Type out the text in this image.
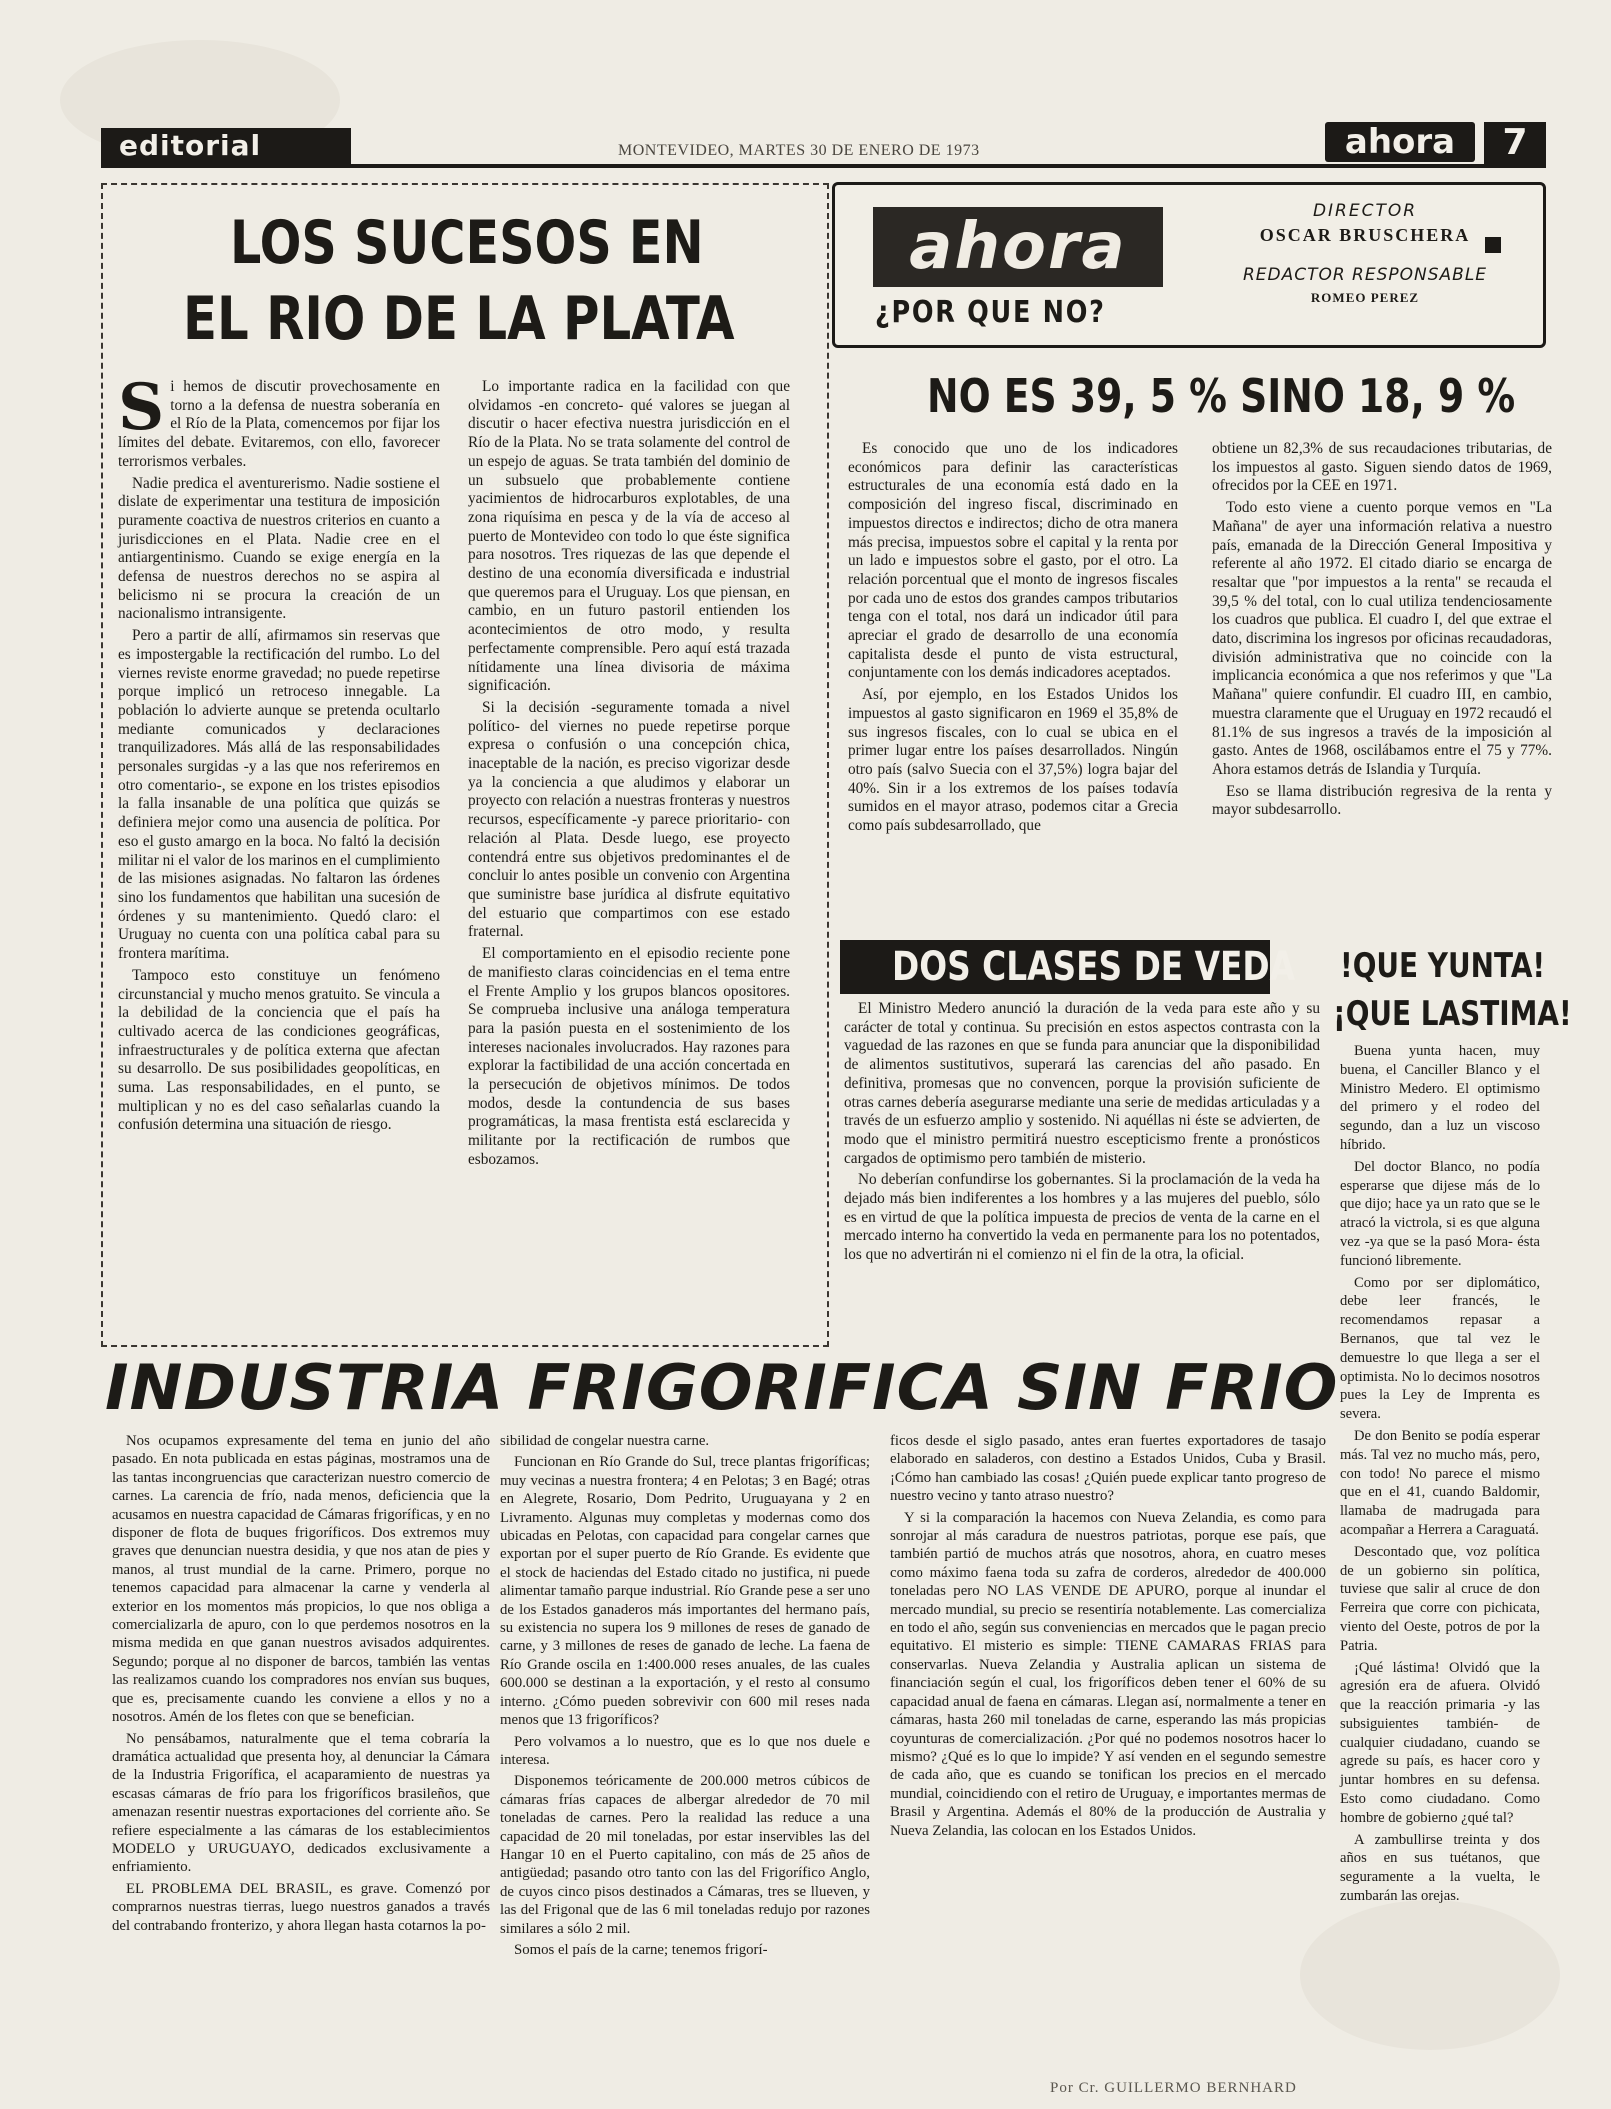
editorial	MONTEVIDEO, MARTES 30 DE ENERO DE 1973	ahora	7
LOS SUCESOS EN
EL RIO DE LA PLATA

Si hemos de discutir provechosamente en torno a la defensa de nuestra soberanía en el Río de la Plata, comencemos por fijar los límites del debate. Evitaremos, con ello, favorecer terrorismos verbales.

Nadie predica el aventurerismo. Nadie sostiene el dislate de experimentar una testitura de imposición puramente coactiva de nuestros criterios en cuanto a jurisdicciones en el Plata. Nadie cree en el antiargentinismo. Cuando se exige energía en la defensa de nuestros derechos no se aspira al belicismo ni se procura la creación de un nacionalismo intransigente.

Pero a partir de allí, afirmamos sin reservas que es impostergable la rectificación del rumbo. Lo del viernes reviste enorme gravedad; no puede repetirse porque implicó un retroceso innegable. La población lo advierte aunque se pretenda ocultarlo mediante comunicados y declaraciones tranquilizadores. Más allá de las responsabilidades personales surgidas -y a las que nos referiremos en otro comentario-, se expone en los tristes episodios la falla insanable de una política que quizás se definiera mejor como una ausencia de política. Por eso el gusto amargo en la boca. No faltó la decisión militar ni el valor de los marinos en el cumplimiento de las misiones asignadas. No faltaron las órdenes sino los fundamentos que habilitan una sucesión de órdenes y su mantenimiento. Quedó claro: el Uruguay no cuenta con una política cabal para su frontera marítima.

Tampoco esto constituye un fenómeno circunstancial y mucho menos gratuito. Se vincula a la debilidad de la conciencia que el país ha cultivado acerca de las condiciones geográficas, infraestructurales y de política externa que afectan su desarrollo. De sus posibilidades geopolíticas, en suma. Las responsabilidades, en el punto, se multiplican y no es del caso señalarlas cuando la confusión determina una situación de riesgo.

Lo importante radica en la facilidad con que olvidamos -en concreto- qué valores se juegan al discutir o hacer efectiva nuestra jurisdicción en el Río de la Plata. No se trata solamente del control de un espejo de aguas. Se trata también del dominio de un subsuelo que probablemente contiene yacimientos de hidrocarburos explotables, de una zona riquísima en pesca y de la vía de acceso al puerto de Montevideo con todo lo que éste significa para nosotros. Tres riquezas de las que depende el destino de una economía diversificada e industrial que queremos para el Uruguay. Los que piensan, en cambio, en un futuro pastoril entienden los acontecimientos de otro modo, y resulta perfectamente comprensible. Pero aquí está trazada nítidamente una línea divisoria de máxima significación.

Si la decisión -seguramente tomada a nivel político- del viernes no puede repetirse porque expresa o confusión o una concepción chica, inaceptable de la nación, es preciso vigorizar desde ya la conciencia a que aludimos y elaborar un proyecto con relación a nuestras fronteras y nuestros recursos, específicamente -y parece prioritario- con relación al Plata. Desde luego, ese proyecto contendrá entre sus objetivos predominantes el de concluir lo antes posible un convenio con Argentina que suministre base jurídica al disfrute equitativo del estuario que compartimos con ese estado fraternal.

El comportamiento en el episodio reciente pone de manifiesto claras coincidencias en el tema entre el Frente Amplio y los grupos blancos opositores. Se comprueba inclusive una análoga temperatura para la pasión puesta en el sostenimiento de los intereses nacionales involucrados. Hay razones para explorar la factibilidad de una acción concertada en la persecución de objetivos mínimos. De todos modos, desde la contundencia de sus bases programáticas, la masa frentista está esclarecida y militante por la rectificación de rumbos que esbozamos.

ahora
¿POR QUE NO?
DIRECTOR
OSCAR BRUSCHERA
REDACTOR RESPONSABLE
ROMEO PEREZ
NO ES 39, 5 % SINO 18, 9 %

Es conocido que uno de los indicadores económicos para definir las características estructurales de una economía está dado en la composición del ingreso fiscal, discriminado en impuestos directos e indirectos; dicho de otra manera más precisa, impuestos sobre el capital y la renta por un lado e impuestos sobre el gasto, por el otro. La relación porcentual que el monto de ingresos fiscales por cada uno de estos dos grandes campos tributarios tenga con el total, nos dará un indicador útil para apreciar el grado de desarrollo de una economía capitalista desde el punto de vista estructural, conjuntamente con los demás indicadores aceptados.

Así, por ejemplo, en los Estados Unidos los impuestos al gasto significaron en 1969 el 35,8% de sus ingresos fiscales, con lo cual se ubica en el primer lugar entre los países desarrollados. Ningún otro país (salvo Suecia con el 37,5%) logra bajar del 40%. Sin ir a los extremos de los países todavía sumidos en el mayor atraso, podemos citar a Grecia como país subdesarrollado, que

obtiene un 82,3% de sus recaudaciones tributarias, de los impuestos al gasto. Siguen siendo datos de 1969, ofrecidos por la CEE en 1971.

Todo esto viene a cuento porque vemos en "La Mañana" de ayer una información relativa a nuestro país, emanada de la Dirección General Impositiva y referente al año 1972. El citado diario se encarga de resaltar que "por impuestos a la renta" se recauda el 39,5 % del total, con lo cual utiliza tendenciosamente los cuadros que publica. El cuadro I, del que extrae el dato, discrimina los ingresos por oficinas recaudadoras, división administrativa que no coincide con la implicancia económica a que nos referimos y que "La Mañana" quiere confundir. El cuadro III, en cambio, muestra claramente que el Uruguay en 1972 recaudó el 81.1% de sus ingresos a través de la imposición al gasto. Antes de 1968, oscilábamos entre el 75 y 77%. Ahora estamos detrás de Islandia y Turquía.

Eso se llama distribución regresiva de la renta y mayor subdesarrollo.

DOS CLASES DE VEDA

El Ministro Medero anunció la duración de la veda para este año y su carácter de total y continua. Su precisión en estos aspectos contrasta con la vaguedad de las razones en que se funda para anunciar que la disponibilidad de alimentos sustitutivos, superará las carencias del año pasado. En definitiva, promesas que no convencen, porque la provisión suficiente de otras carnes debería asegurarse mediante una serie de medidas articuladas y a través de un esfuerzo amplio y sostenido. Ni aquéllas ni éste se advierten, de modo que el ministro permitirá nuestro escepticismo frente a pronósticos cargados de optimismo pero también de misterio.

No deberían confundirse los gobernantes. Si la proclamación de la veda ha dejado más bien indiferentes a los hombres y a las mujeres del pueblo, sólo es en virtud de que la política impuesta de precios de venta de la carne en el mercado interno ha convertido la veda en permanente para los no potentados, los que no advertirán ni el comienzo ni el fin de la otra, la oficial.

!QUE YUNTA!
¡QUE LASTIMA!

Buena yunta hacen, muy buena, el Canciller Blanco y el Ministro Medero. El optimismo del primero y el rodeo del segundo, dan a luz un viscoso híbrido.

Del doctor Blanco, no podía esperarse que dijese más de lo que dijo; hace ya un rato que se le atracó la victrola, si es que alguna vez -ya que se la pasó Mora- ésta funcionó libremente.

Como por ser diplomático, debe leer francés, le recomendamos repasar a Bernanos, que tal vez le demuestre lo que llega a ser el optimista. No lo decimos nosotros pues la Ley de Imprenta es severa.

De don Benito se podía esperar más. Tal vez no mucho más, pero, con todo! No parece el mismo que en el 41, cuando Baldomir, llamaba de madrugada para acompañar a Herrera a Caraguatá.

Descontado que, voz política de un gobierno sin política, tuviese que salir al cruce de don Ferreira que corre con pichicata, viento del Oeste, potros de por la Patria.

¡Qué lástima! Olvidó que la agresión era de afuera. Olvidó que la reacción primaria -y las subsiguientes también- de cualquier ciudadano, cuando se agrede su país, es hacer coro y juntar hombres en su defensa. Esto como ciudadano. Como hombre de gobierno ¿qué tal?

A zambullirse treinta y dos años en sus tuétanos, que seguramente a la vuelta, le zumbarán las orejas.

INDUSTRIA FRIGORIFICA SIN FRIO

Nos ocupamos expresamente del tema en junio del año pasado. En nota publicada en estas páginas, mostramos una de las tantas incongruencias que caracterizan nuestro comercio de carnes. La carencia de frío, nada menos, deficiencia que la acusamos en nuestra capacidad de Cámaras frigoríficas, y en no disponer de flota de buques frigoríficos. Dos extremos muy graves que denuncian nuestra desidia, y que nos atan de pies y manos, al trust mundial de la carne. Primero, porque no tenemos capacidad para almacenar la carne y venderla al exterior en los momentos más propicios, lo que nos obliga a comercializarla de apuro, con lo que perdemos nosotros en la misma medida en que ganan nuestros avisados adquirentes. Segundo; porque al no disponer de barcos, también las ventas las realizamos cuando los compradores nos envían sus buques, que es, precisamente cuando les conviene a ellos y no a nosotros. Amén de los fletes con que se benefician.

No pensábamos, naturalmente que el tema cobraría la dramática actualidad que presenta hoy, al denunciar la Cámara de la Industria Frigorífica, el acaparamiento de nuestras ya escasas cámaras de frío para los frigoríficos brasileños, que amenazan resentir nuestras exportaciones del corriente año. Se refiere especialmente a las cámaras de los establecimientos MODELO y URUGUAYO, dedicados exclusivamente a enfriamiento.

EL PROBLEMA DEL BRASIL, es grave. Comenzó por comprarnos nuestras tierras, luego nuestros ganados a través del contrabando fronterizo, y ahora llegan hasta cotarnos la po-

sibilidad de congelar nuestra carne.

Funcionan en Río Grande do Sul, trece plantas frigoríficas; muy vecinas a nuestra frontera; 4 en Pelotas; 3 en Bagé; otras en Alegrete, Rosario, Dom Pedrito, Uruguayana y 2 en Livramento. Algunas muy completas y modernas como dos ubicadas en Pelotas, con capacidad para congelar carnes que exportan por el super puerto de Río Grande. Es evidente que el stock de haciendas del Estado citado no justifica, ni puede alimentar tamaño parque industrial. Río Grande pese a ser uno de los Estados ganaderos más importantes del hermano país, su existencia no supera los 9 millones de reses de ganado de carne, y 3 millones de reses de ganado de leche. La faena de Río Grande oscila en 1:400.000 reses anuales, de las cuales 600.000 se destinan a la exportación, y el resto al consumo interno. ¿Cómo pueden sobrevivir con 600 mil reses nada menos que 13 frigoríficos?

Pero volvamos a lo nuestro, que es lo que nos duele e interesa.

Disponemos teóricamente de 200.000 metros cúbicos de cámaras frías capaces de albergar alrededor de 70 mil toneladas de carnes. Pero la realidad las reduce a una capacidad de 20 mil toneladas, por estar inservibles las del Hangar 10 en el Puerto capitalino, con más de 25 años de antigüedad; pasando otro tanto con las del Frigorífico Anglo, de cuyos cinco pisos destinados a Cámaras, tres se llueven, y las del Frigonal que de las 6 mil toneladas redujo por razones similares a sólo 2 mil.

Somos el país de la carne; tenemos frigorí-

ficos desde el siglo pasado, antes eran fuertes exportadores de tasajo elaborado en saladeros, con destino a Estados Unidos, Cuba y Brasil. ¡Cómo han cambiado las cosas! ¿Quién puede explicar tanto progreso de nuestro vecino y tanto atraso nuestro?

Y si la comparación la hacemos con Nueva Zelandia, es como para sonrojar al más caradura de nuestros patriotas, porque ese país, que también partió de muchos atrás que nosotros, ahora, en cuatro meses como máximo faena toda su zafra de corderos, alrededor de 400.000 toneladas pero NO LAS VENDE DE APURO, porque al inundar el mercado mundial, su precio se resentiría notablemente. Las comercializa en todo el año, según sus conveniencias en mercados que le pagan precio equitativo. El misterio es simple: TIENE CAMARAS FRIAS para conservarlas. Nueva Zelandia y Australia aplican un sistema de financiación según el cual, los frigoríficos deben tener el 60% de su capacidad anual de faena en cámaras. Llegan así, normalmente a tener en cámaras, hasta 260 mil toneladas de carne, esperando las más propicias coyunturas de comercialización. ¿Por qué no podemos nosotros hacer lo mismo? ¿Qué es lo que lo impide? Y así venden en el segundo semestre de cada año, que es cuando se tonifican los precios en el mercado mundial, coincidiendo con el retiro de Uruguay, e importantes mermas de Brasil y Argentina. Además el 80% de la producción de Australia y Nueva Zelandia, las colocan en los Estados Unidos.

Por Cr. GUILLERMO BERNHARD
